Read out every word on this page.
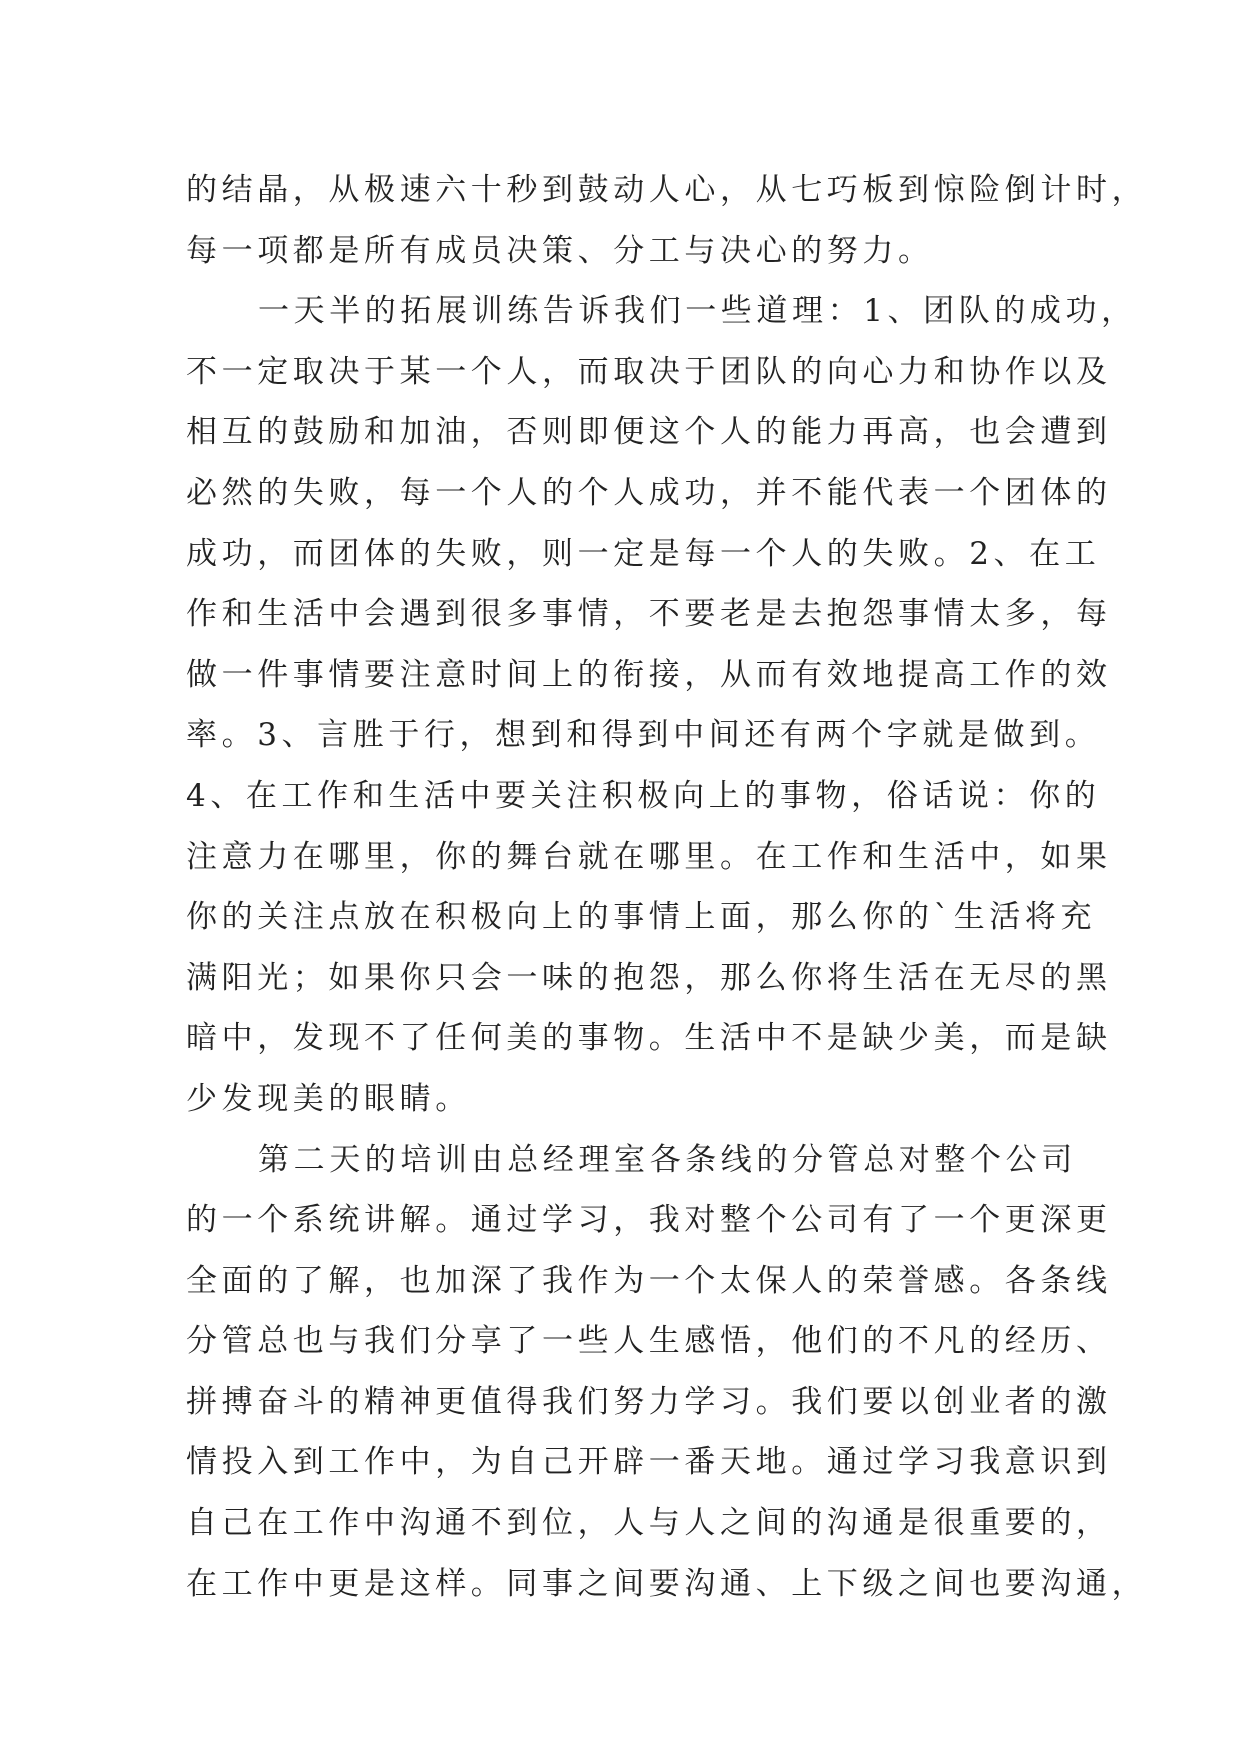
的结晶，从极速六十秒到鼓动人心，从七巧板到惊险倒计时，
每一项都是所有成员决策、分工与决心的努力。
一天半的拓展训练告诉我们一些道理：1、团队的成功，
不一定取决于某一个人，而取决于团队的向心力和协作以及
相互的鼓励和加油，否则即便这个人的能力再高，也会遭到
必然的失败，每一个人的个人成功，并不能代表一个团体的
成功，而团体的失败，则一定是每一个人的失败。2、在工
作和生活中会遇到很多事情，不要老是去抱怨事情太多，每
做一件事情要注意时间上的衔接，从而有效地提高工作的效
率。3、言胜于行，想到和得到中间还有两个字就是做到。
4、在工作和生活中要关注积极向上的事物，俗话说：你的
注意力在哪里，你的舞台就在哪里。在工作和生活中，如果
你的关注点放在积极向上的事情上面，那么你的`生活将充
满阳光；如果你只会一味的抱怨，那么你将生活在无尽的黑
暗中，发现不了任何美的事物。生活中不是缺少美，而是缺
少发现美的眼睛。
第二天的培训由总经理室各条线的分管总对整个公司
的一个系统讲解。通过学习，我对整个公司有了一个更深更
全面的了解，也加深了我作为一个太保人的荣誉感。各条线
分管总也与我们分享了一些人生感悟，他们的不凡的经历、
拼搏奋斗的精神更值得我们努力学习。我们要以创业者的激
情投入到工作中，为自己开辟一番天地。通过学习我意识到
自己在工作中沟通不到位，人与人之间的沟通是很重要的，
在工作中更是这样。同事之间要沟通、上下级之间也要沟通，
